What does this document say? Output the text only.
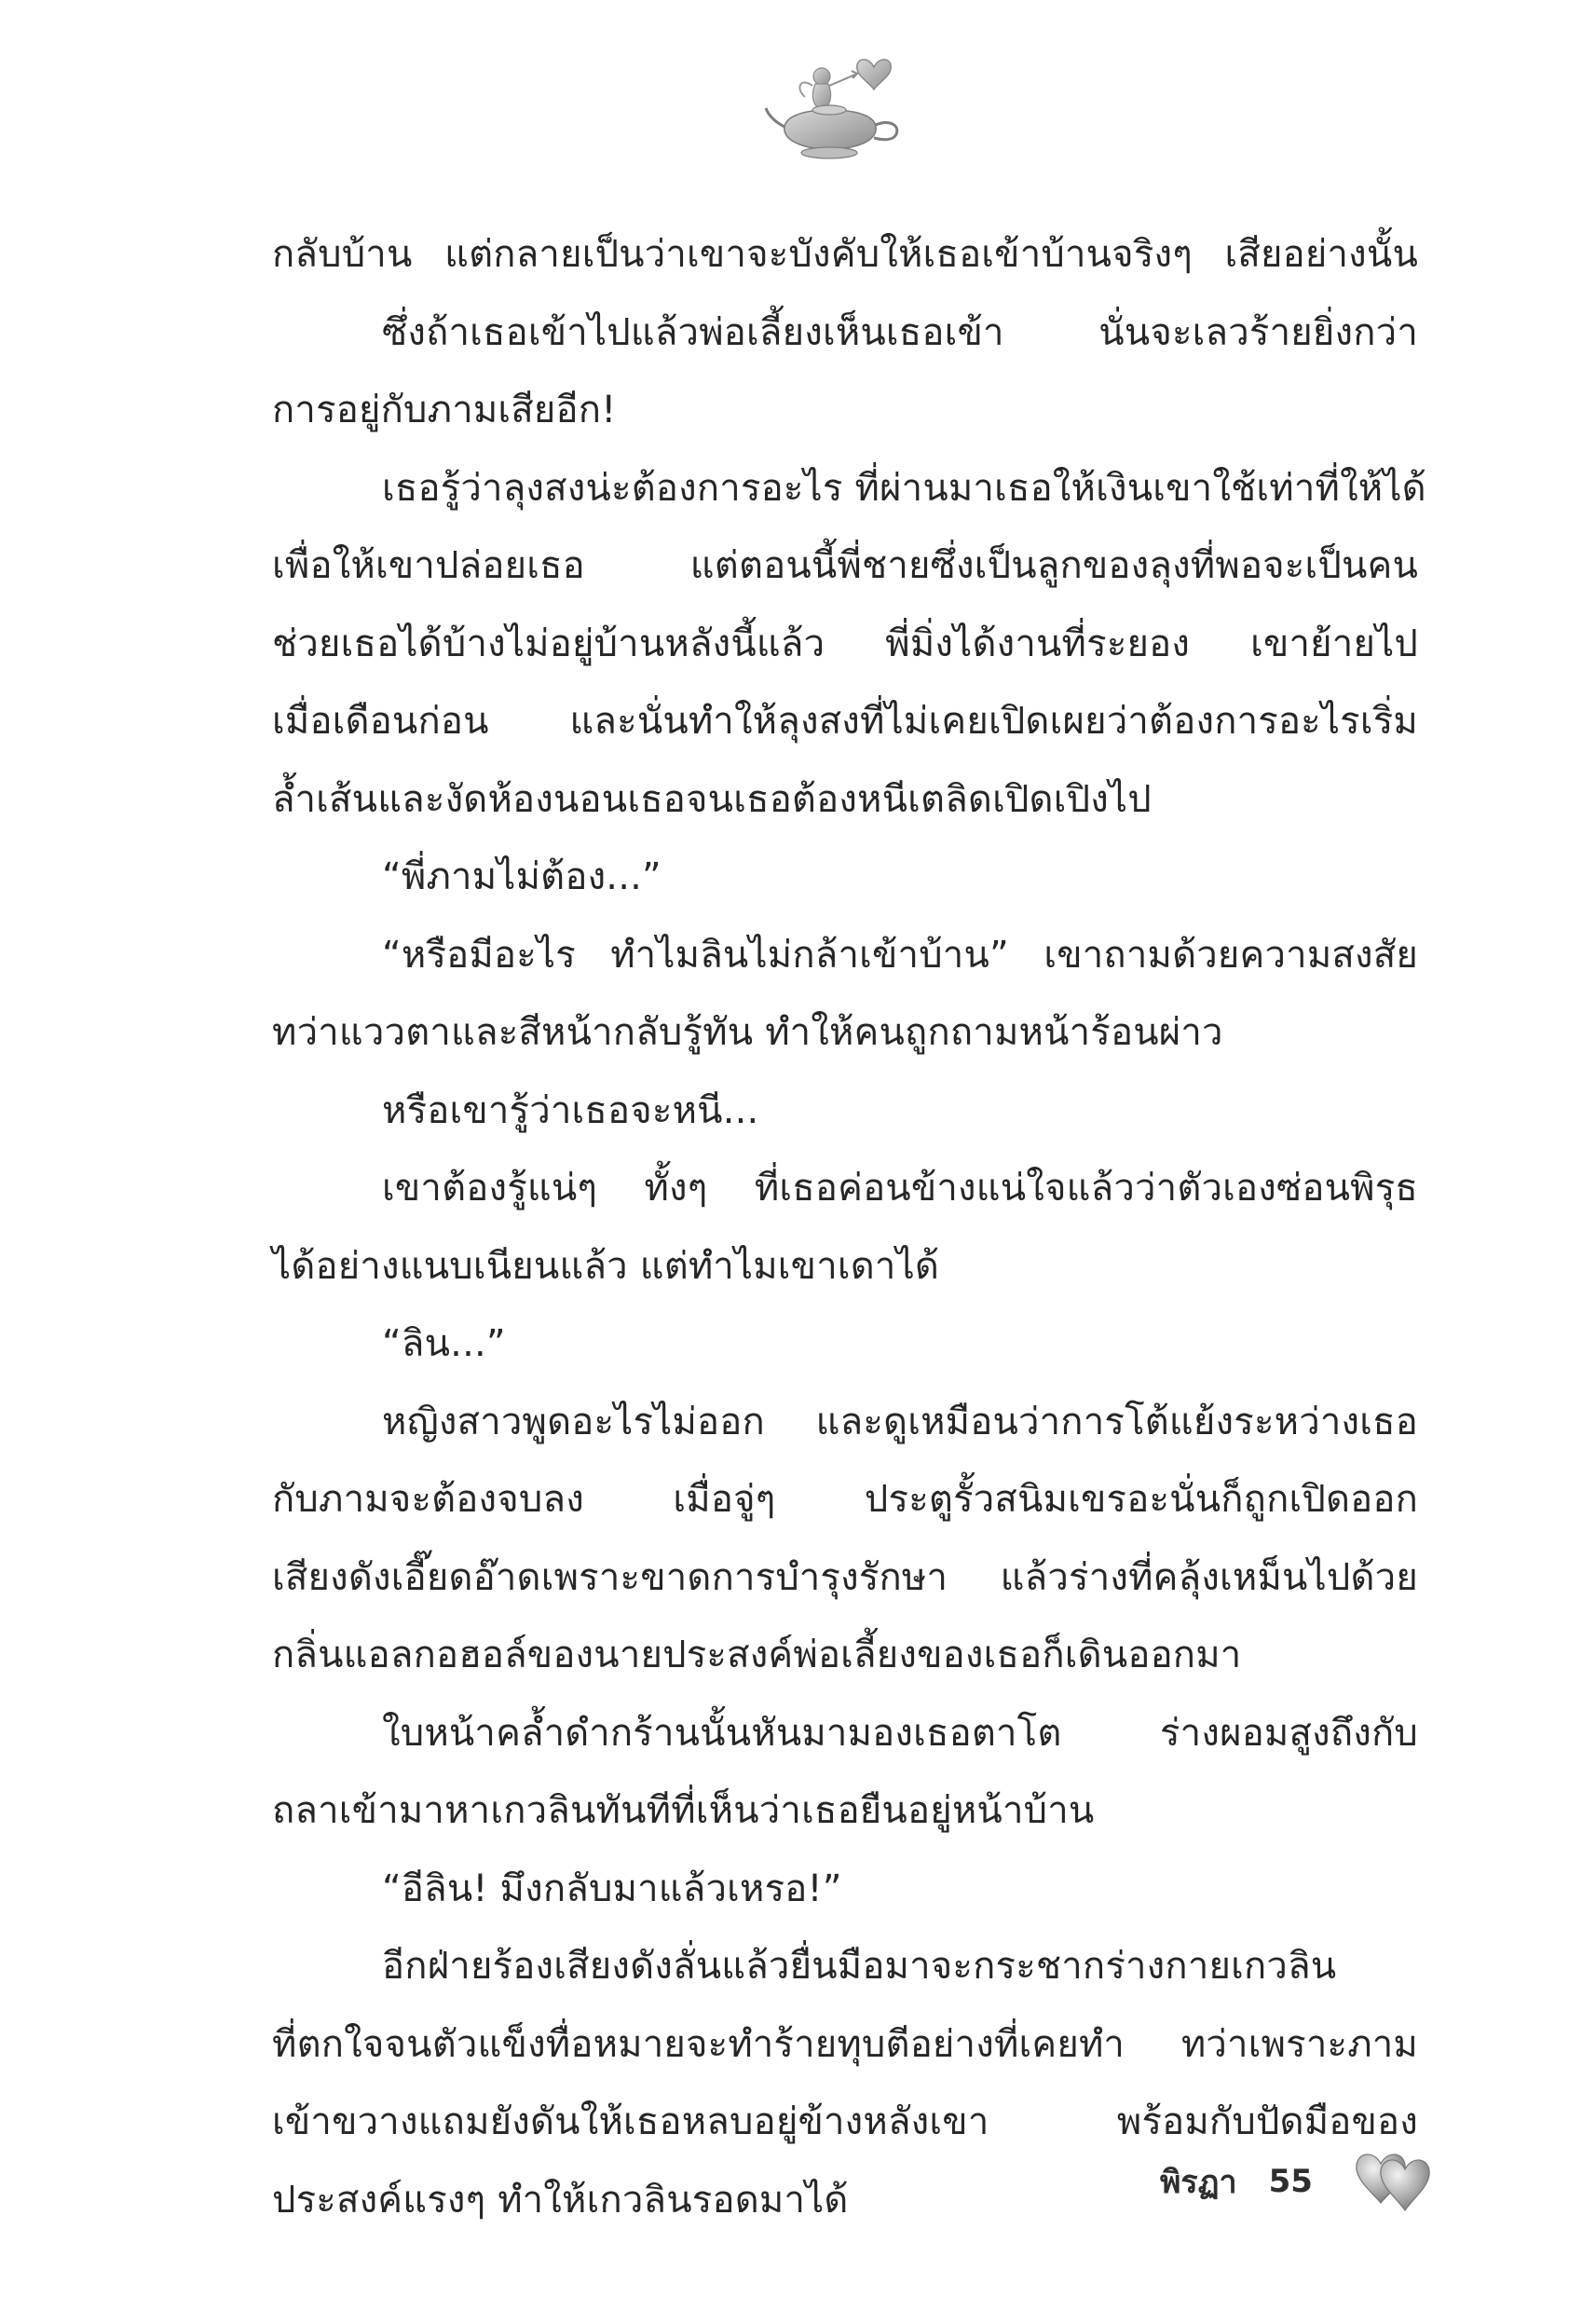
กลับบ้าน แต่กลายเป็นว่าเขาจะบังคับให้เธอเข้าบ้านจริงๆ เสียอย่างนั้น
ซึ่งถ้าเธอเข้าไปแล้วพ่อเลี้ยงเห็นเธอเข้า นั่นจะเลวร้ายยิ่งกว่า
การอยู่กับภามเสียอีก!
เธอรู้ว่าลุงสงน่ะต้องการอะไร ที่ผ่านมาเธอให้เงินเขาใช้เท่าที่ให้ได้
เพื่อให้เขาปล่อยเธอ แต่ตอนนี้พี่ชายซึ่งเป็นลูกของลุงที่พอจะเป็นคน
ช่วยเธอได้บ้างไม่อยู่บ้านหลังนี้แล้ว พี่มิ่งได้งานที่ระยอง เขาย้ายไป
เมื่อเดือนก่อน และนั่นทำให้ลุงสงที่ไม่เคยเปิดเผยว่าต้องการอะไรเริ่ม
ล้ำเส้นและงัดห้องนอนเธอจนเธอต้องหนีเตลิดเปิดเปิงไป
“พี่ภามไม่ต้อง...”
“หรือมีอะไร ทำไมลินไม่กล้าเข้าบ้าน” เขาถามด้วยความสงสัย
ทว่าแววตาและสีหน้ากลับรู้ทัน ทำให้คนถูกถามหน้าร้อนผ่าว
หรือเขารู้ว่าเธอจะหนี...
เขาต้องรู้แน่ๆ ทั้งๆ ที่เธอค่อนข้างแน่ใจแล้วว่าตัวเองซ่อนพิรุธ
ได้อย่างแนบเนียนแล้ว แต่ทำไมเขาเดาได้
“ลิน...”
หญิงสาวพูดอะไรไม่ออก และดูเหมือนว่าการโต้แย้งระหว่างเธอ
กับภามจะต้องจบลง เมื่อจู่ๆ ประตูรั้วสนิมเขรอะนั่นก็ถูกเปิดออก
เสียงดังเอี๊ยดอ๊าดเพราะขาดการบำรุงรักษา แล้วร่างที่คลุ้งเหม็นไปด้วย
กลิ่นแอลกอฮอล์ของนายประสงค์พ่อเลี้ยงของเธอก็เดินออกมา
ใบหน้าคล้ำดำกร้านนั้นหันมามองเธอตาโต ร่างผอมสูงถึงกับ
ถลาเข้ามาหาเกวลินทันทีที่เห็นว่าเธอยืนอยู่หน้าบ้าน
“อีลิน! มึงกลับมาแล้วเหรอ!”
อีกฝ่ายร้องเสียงดังลั่นแล้วยื่นมือมาจะกระชากร่างกายเกวลิน
ที่ตกใจจนตัวแข็งทื่อหมายจะทำร้ายทุบตีอย่างที่เคยทำ ทว่าเพราะภาม
เข้าขวางแถมยังดันให้เธอหลบอยู่ข้างหลังเขา พร้อมกับปัดมือของ
ประสงค์แรงๆ ทำให้เกวลินรอดมาได้	พิรฏา 55
